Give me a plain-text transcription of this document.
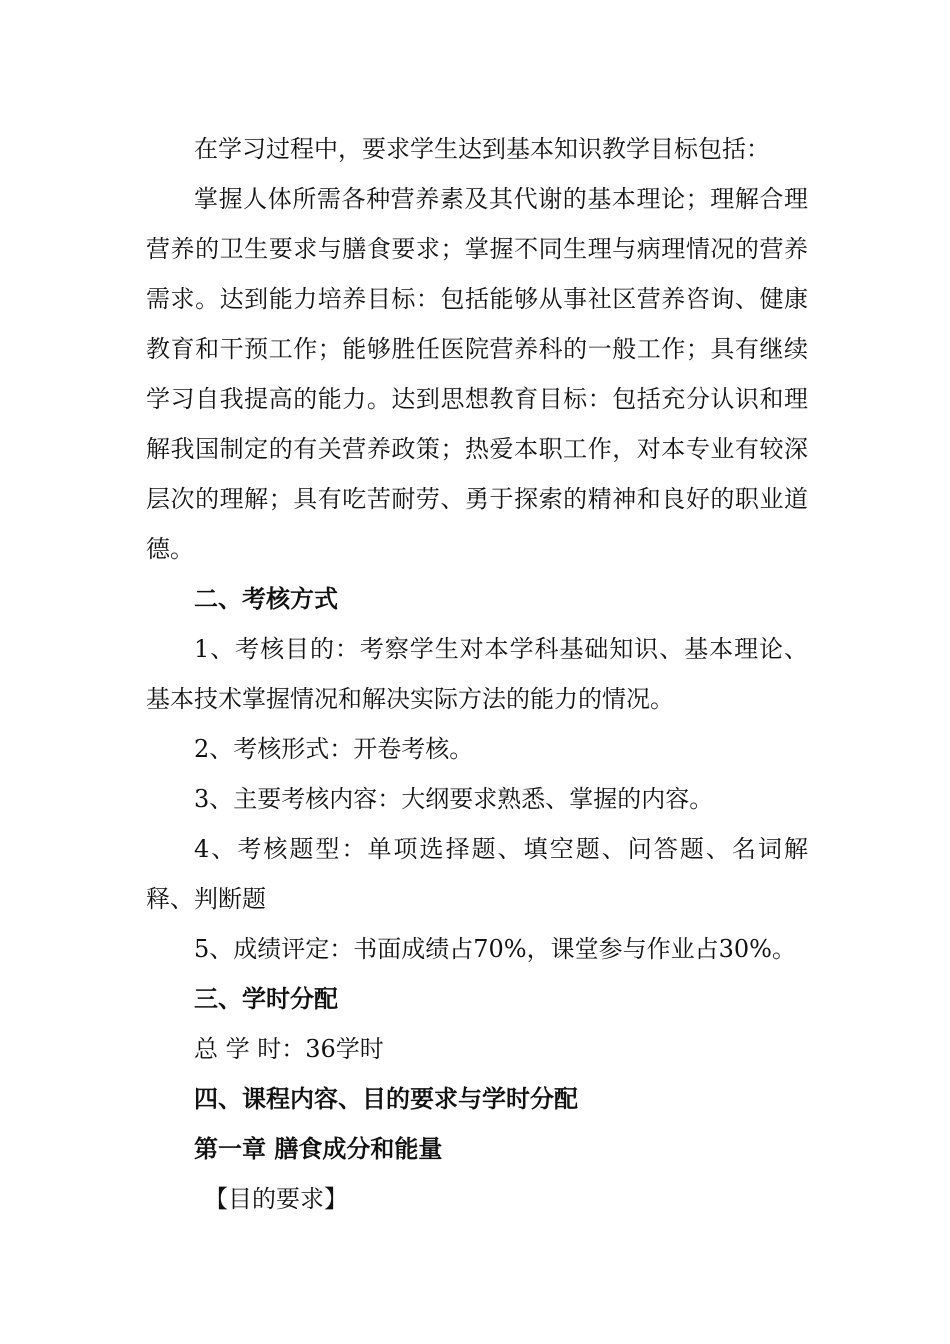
在学习过程中，要求学生达到基本知识教学目标包括：

掌握人体所需各种营养素及其代谢的基本理论；理解合理营养的卫生要求与膳食要求；掌握不同生理与病理情况的营养需求。达到能力培养目标：包括能够从事社区营养咨询、健康教育和干预工作；能够胜任医院营养科的一般工作；具有继续学习自我提高的能力。达到思想教育目标：包括充分认识和理解我国制定的有关营养政策；热爱本职工作，对本专业有较深层次的理解；具有吃苦耐劳、勇于探索的精神和良好的职业道德。

二、考核方式

1、考核目的：考察学生对本学科基础知识、基本理论、基本技术掌握情况和解决实际方法的能力的情况。

2、考核形式：开卷考核。

3、主要考核内容：大纲要求熟悉、掌握的内容。

4、考核题型：单项选择题、填空题、问答题、名词解释、判断题

5、成绩评定：书面成绩占70%，课堂参与作业占30%。

三、学时分配

总 学 时：36学时

四、课程内容、目的要求与学时分配

第一章 膳食成分和能量

【目的要求】
